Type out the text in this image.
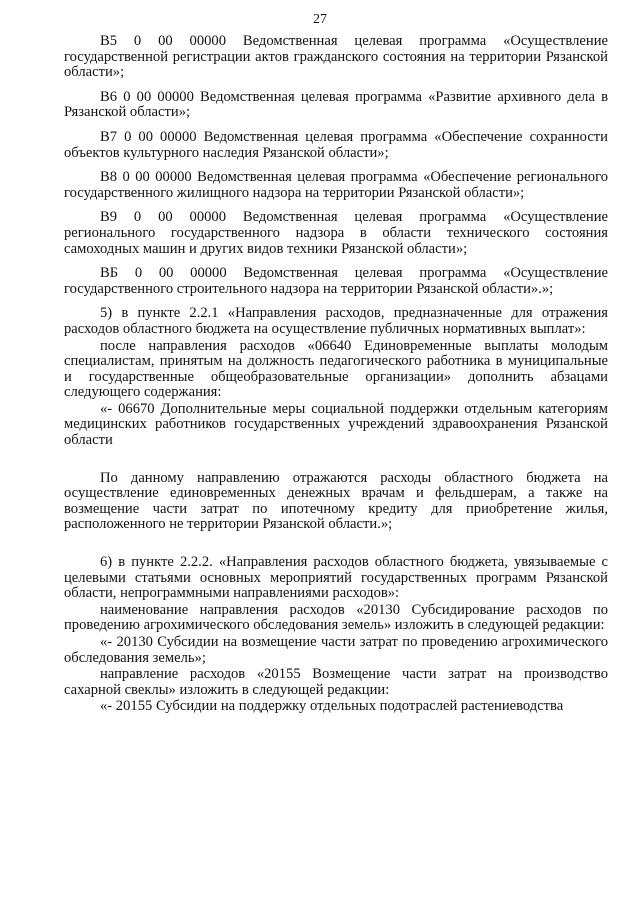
27

B5 0 00 00000 Ведомственная целевая программа «Осуществление государственной регистрации актов гражданского состояния на территории Рязанской области»;

B6 0 00 00000 Ведомственная целевая программа «Развитие архивного дела в Рязанской области»;

B7 0 00 00000 Ведомственная целевая программа «Обеспечение сохранности объектов культурного наследия Рязанской области»;

B8 0 00 00000 Ведомственная целевая программа «Обеспечение регионального государственного жилищного надзора на территории Рязанской области»;

B9 0 00 00000 Ведомственная целевая программа «Осуществление регионального государственного надзора в области технического состояния самоходных машин и других видов техники Рязанской области»;

BБ 0 00 00000 Ведомственная целевая программа «Осуществление государственного строительного надзора на территории Рязанской области».»;

5) в пункте 2.2.1 «Направления расходов, предназначенные для отражения расходов областного бюджета на осуществление публичных нормативных выплат»:

после направления расходов «06640 Единовременные выплаты молодым специалистам, принятым на должность педагогического работника в муниципальные и государственные общеобразовательные организации» дополнить абзацами следующего содержания:

«- 06670 Дополнительные меры социальной поддержки отдельным категориям медицинских работников государственных учреждений здравоохранения Рязанской области

По данному направлению отражаются расходы областного бюджета на осуществление единовременных денежных врачам и фельдшерам, а также на возмещение части затрат по ипотечному кредиту для приобретение жилья, расположенного не территории Рязанской области.»;

6) в пункте 2.2.2. «Направления расходов областного бюджета, увязываемые с целевыми статьями основных мероприятий государственных программ Рязанской области, непрограммными направлениями расходов»:

наименование направления расходов «20130 Субсидирование расходов по проведению агрохимического обследования земель» изложить в следующей редакции:

«- 20130 Субсидии на возмещение части затрат по проведению агрохимического обследования земель»;

направление расходов «20155 Возмещение части затрат на производство сахарной свеклы» изложить в следующей редакции:

«- 20155 Субсидии на поддержку отдельных подотраслей растениеводства
